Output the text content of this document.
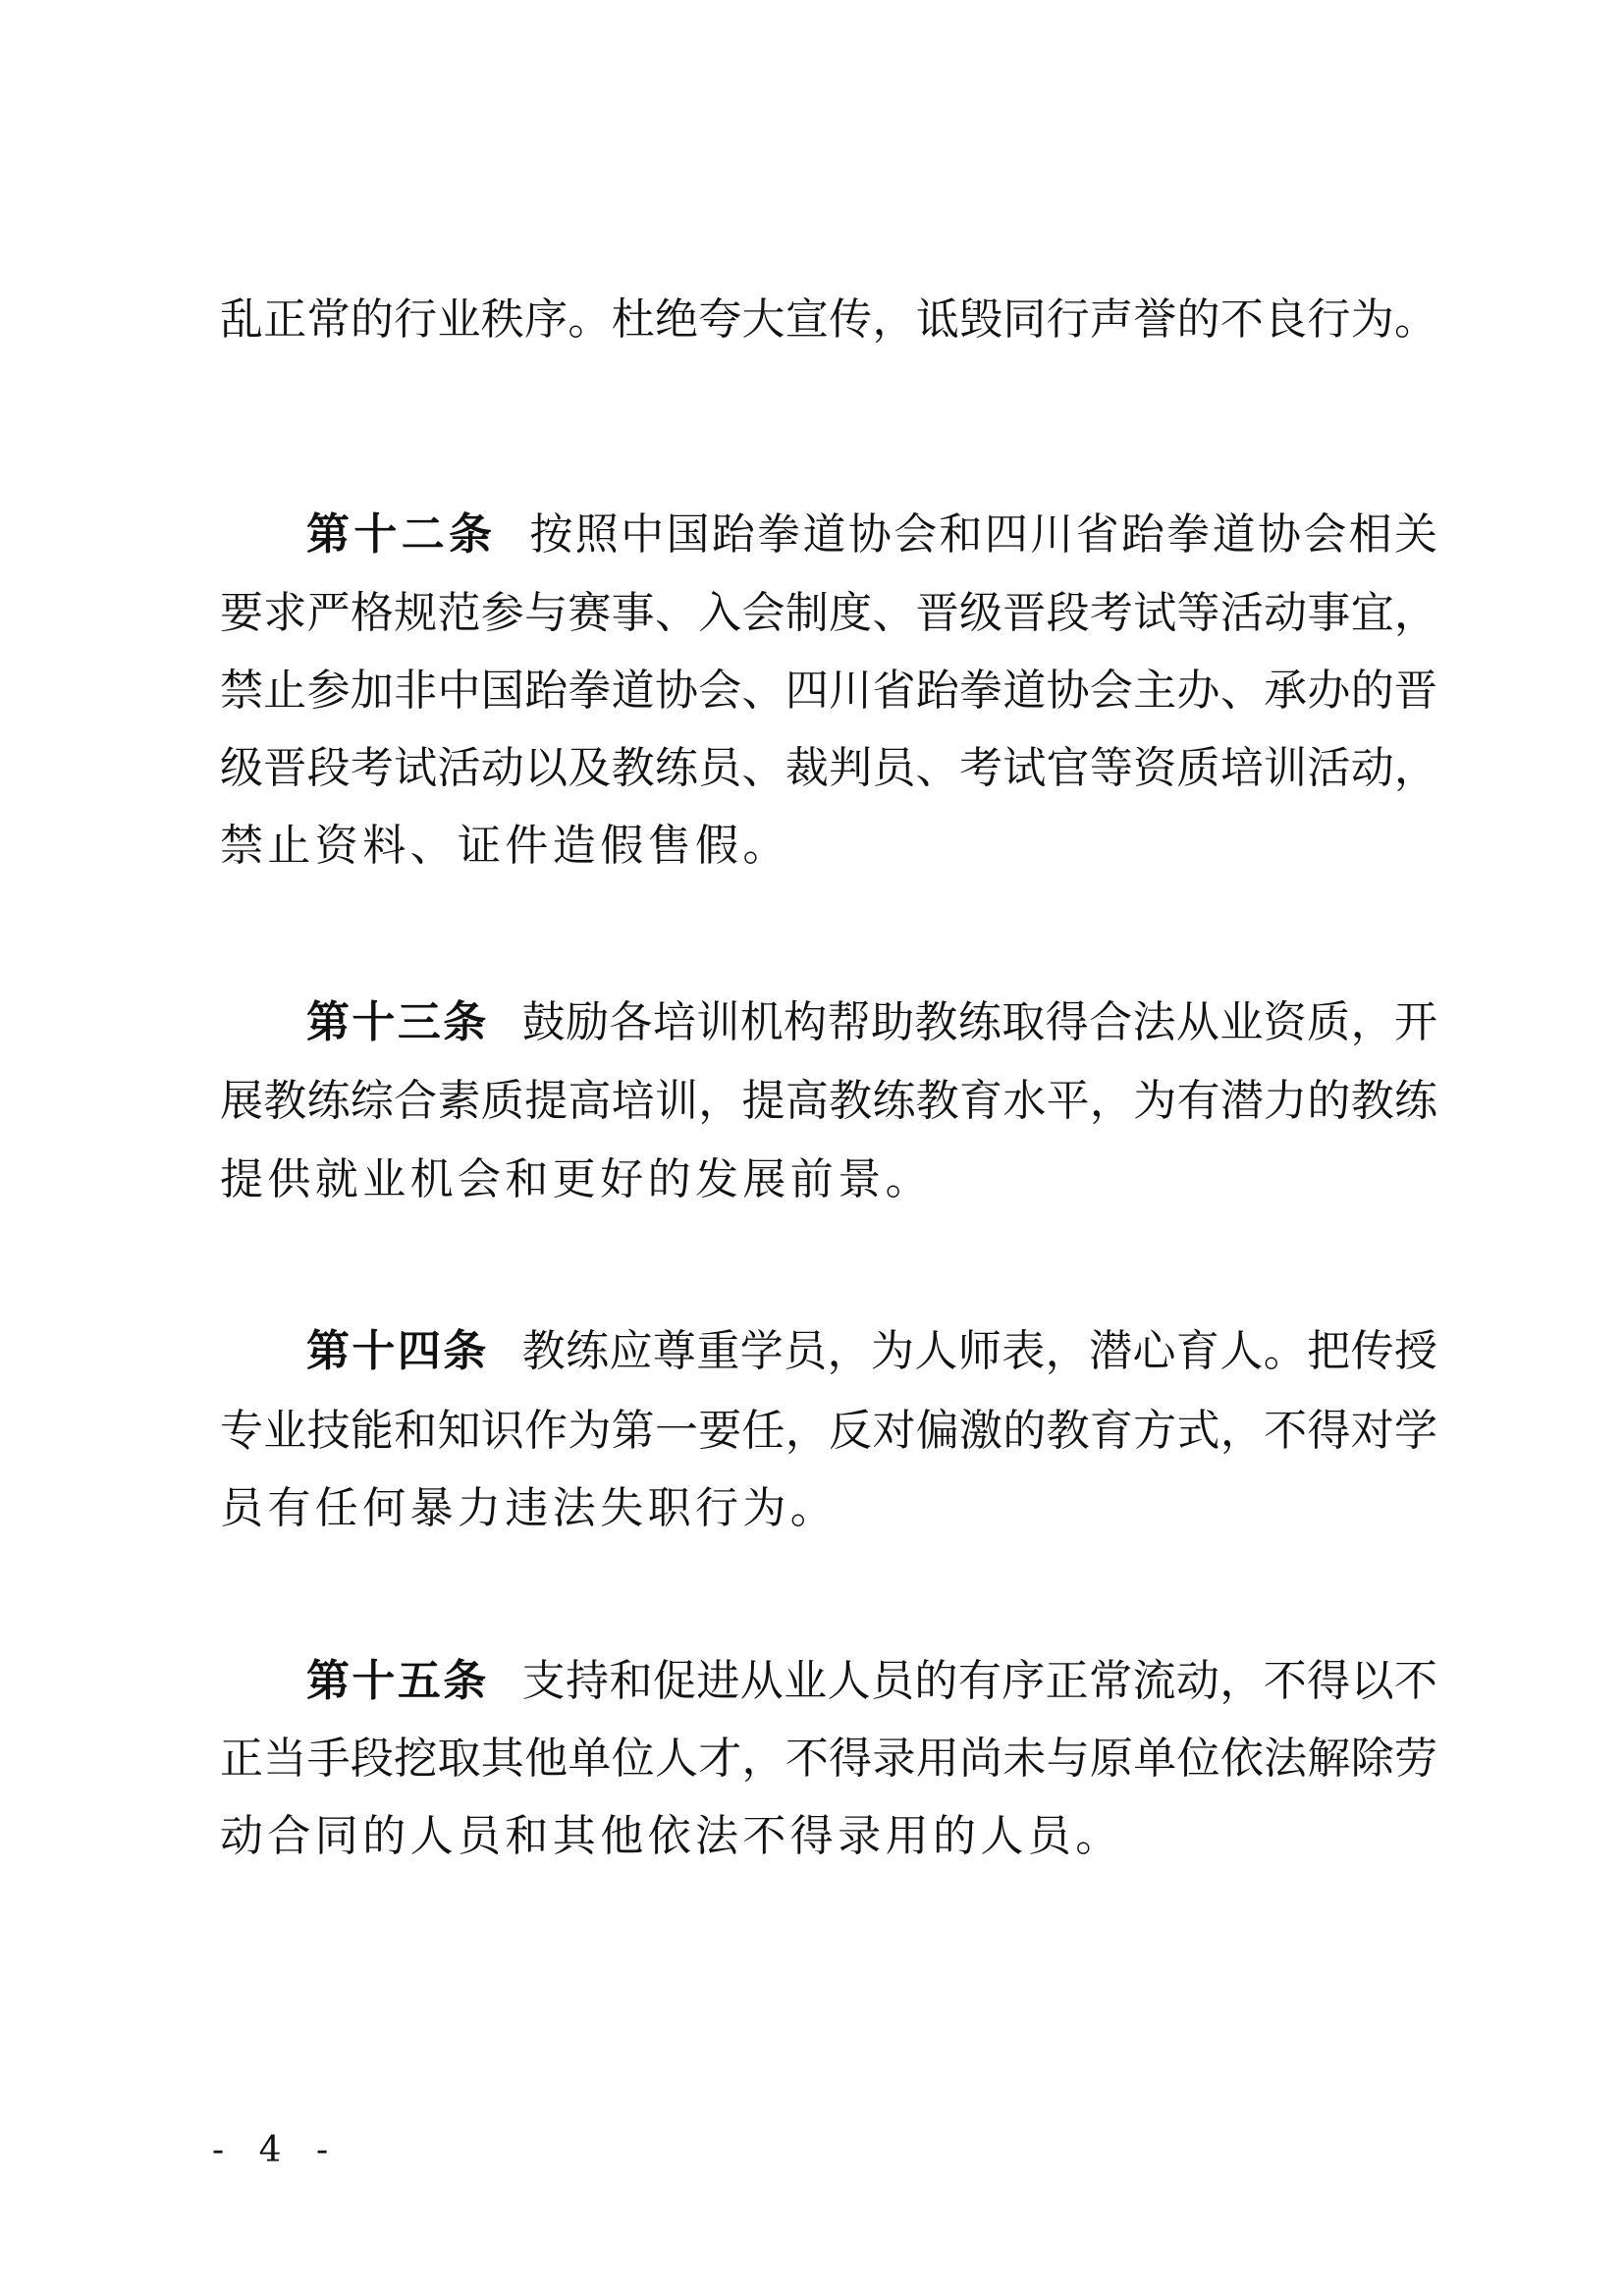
乱正常的行业秩序。杜绝夸大宣传，诋毁同行声誉的不良行为。
第十二条 按照中国跆拳道协会和四川省跆拳道协会相关
要求严格规范参与赛事、入会制度、晋级晋段考试等活动事宜，
禁止参加非中国跆拳道协会、四川省跆拳道协会主办、承办的晋
级晋段考试活动以及教练员、裁判员、考试官等资质培训活动，
禁止资料、证件造假售假。
第十三条 鼓励各培训机构帮助教练取得合法从业资质，开
展教练综合素质提高培训，提高教练教育水平，为有潜力的教练
提供就业机会和更好的发展前景。
第十四条 教练应尊重学员，为人师表，潜心育人。把传授
专业技能和知识作为第一要任，反对偏激的教育方式，不得对学
员有任何暴力违法失职行为。
第十五条 支持和促进从业人员的有序正常流动，不得以不
正当手段挖取其他单位人才，不得录用尚未与原单位依法解除劳
动合同的人员和其他依法不得录用的人员。
- 4 -
